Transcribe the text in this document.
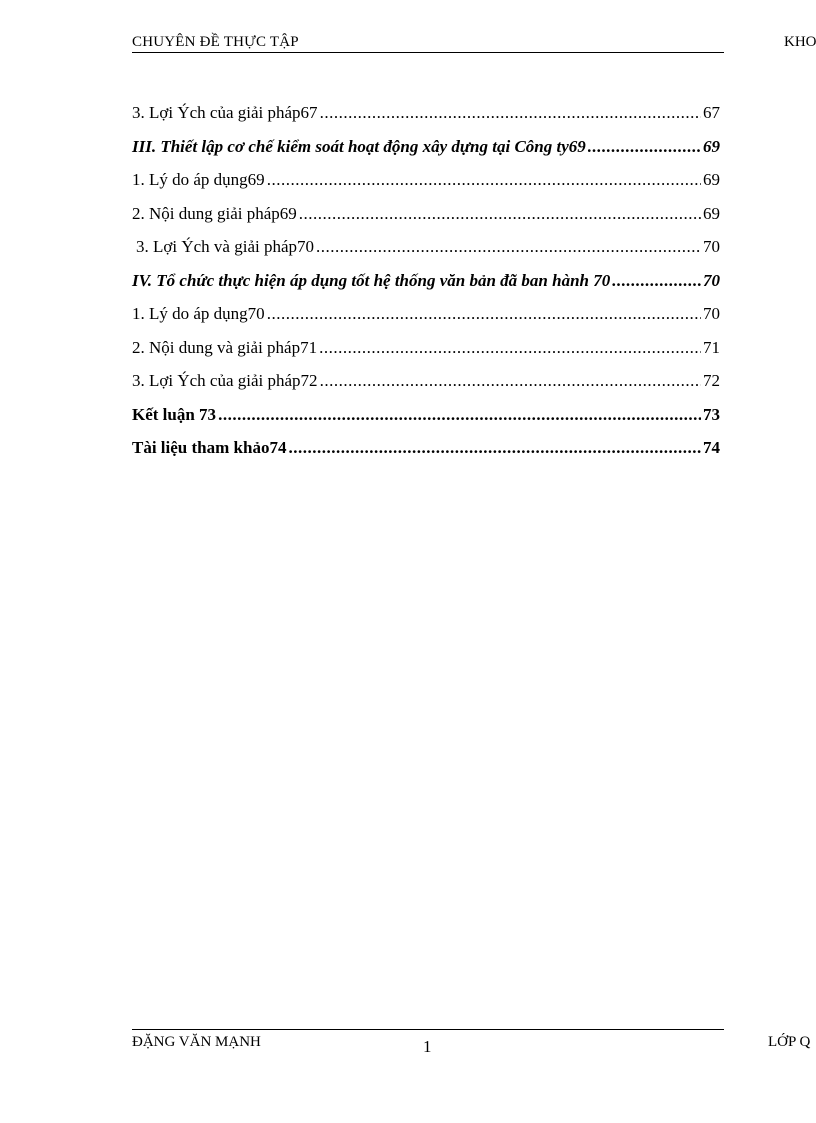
CHUYÊN ĐỀ THỰC TẬP	KHO
3. Lợi Ých của giải pháp67 .....	67
III. Thiết lập cơ chế kiểm soát hoạt động xây dựng tại Công ty69 .....	69
1. Lý do áp dụng69 .....	69
2. Nội dung giải pháp69 .....	69
3. Lợi Ých và giải pháp70 .....	70
IV. Tổ chức thực hiện áp dụng tốt hệ thống văn bản đã ban hành 70 .....	70
1. Lý do áp dụng70 .....	70
2. Nội dung và giải pháp71 .....	71
3. Lợi Ých của giải pháp72 .....	72
Kết luận 73 .....	73
Tài liệu tham khảo74 .....	74
ĐẶNG VĂN MẠNH	1	LỚP Q
